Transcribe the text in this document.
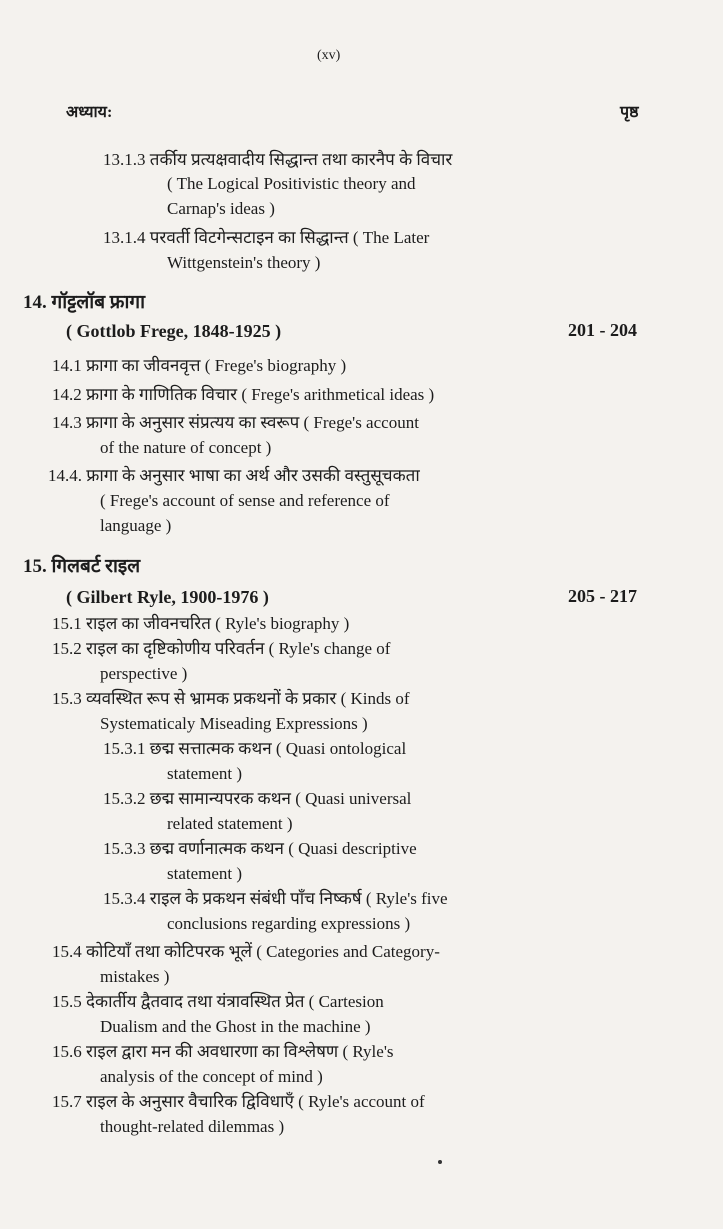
(xv)
अध्याय:	पृष्ठ
13.1.3 तर्कीय प्रत्यक्षवादीय सिद्धान्त तथा कारनैप के विचार
( The Logical Positivistic theory and
Carnap's ideas )
13.1.4 परवर्ती विटगेन्सटाइन का सिद्धान्त ( The Later
Wittgenstein's theory )
14. गॉट्टलॉब फ्रागा
( Gottlob Frege, 1848-1925 )	201 - 204
14.1 फ्रागा का जीवनवृत्त ( Frege's biography )
14.2 फ्रागा के गाणितिक विचार ( Frege's arithmetical ideas )
14.3 फ्रागा के अनुसार संप्रत्यय का स्वरूप ( Frege's account
of the nature of concept )
14.4. फ्रागा के अनुसार भाषा का अर्थ और उसकी वस्तुसूचकता
( Frege's account of sense and reference of
language )
15. गिलबर्ट राइल
( Gilbert Ryle, 1900-1976 )	205 - 217
15.1 राइल का जीवनचरित ( Ryle's biography )
15.2 राइल का दृष्टिकोणीय परिवर्तन ( Ryle's change of
perspective )
15.3 व्यवस्थित रूप से भ्रामक प्रकथनों के प्रकार ( Kinds of
Systematicaly Miseading Expressions )
15.3.1 छद्म सत्तात्मक कथन ( Quasi ontological
statement )
15.3.2 छद्म सामान्यपरक कथन ( Quasi universal
related statement )
15.3.3 छद्म वर्णानात्मक कथन ( Quasi descriptive
statement )
15.3.4 राइल के प्रकथन संबंधी पाँच निष्कर्ष ( Ryle's five
conclusions regarding expressions )
15.4 कोटियाँ तथा कोटिपरक भूलें ( Categories and Category-
mistakes )
15.5 देकार्तीय द्वैतवाद तथा यंत्रावस्थित प्रेत ( Cartesion
Dualism and the Ghost in the machine )
15.6 राइल द्वारा मन की अवधारणा का विश्लेषण ( Ryle's
analysis of the concept of mind )
15.7 राइल के अनुसार वैचारिक द्विविधाएँ ( Ryle's account of
thought-related dilemmas )
